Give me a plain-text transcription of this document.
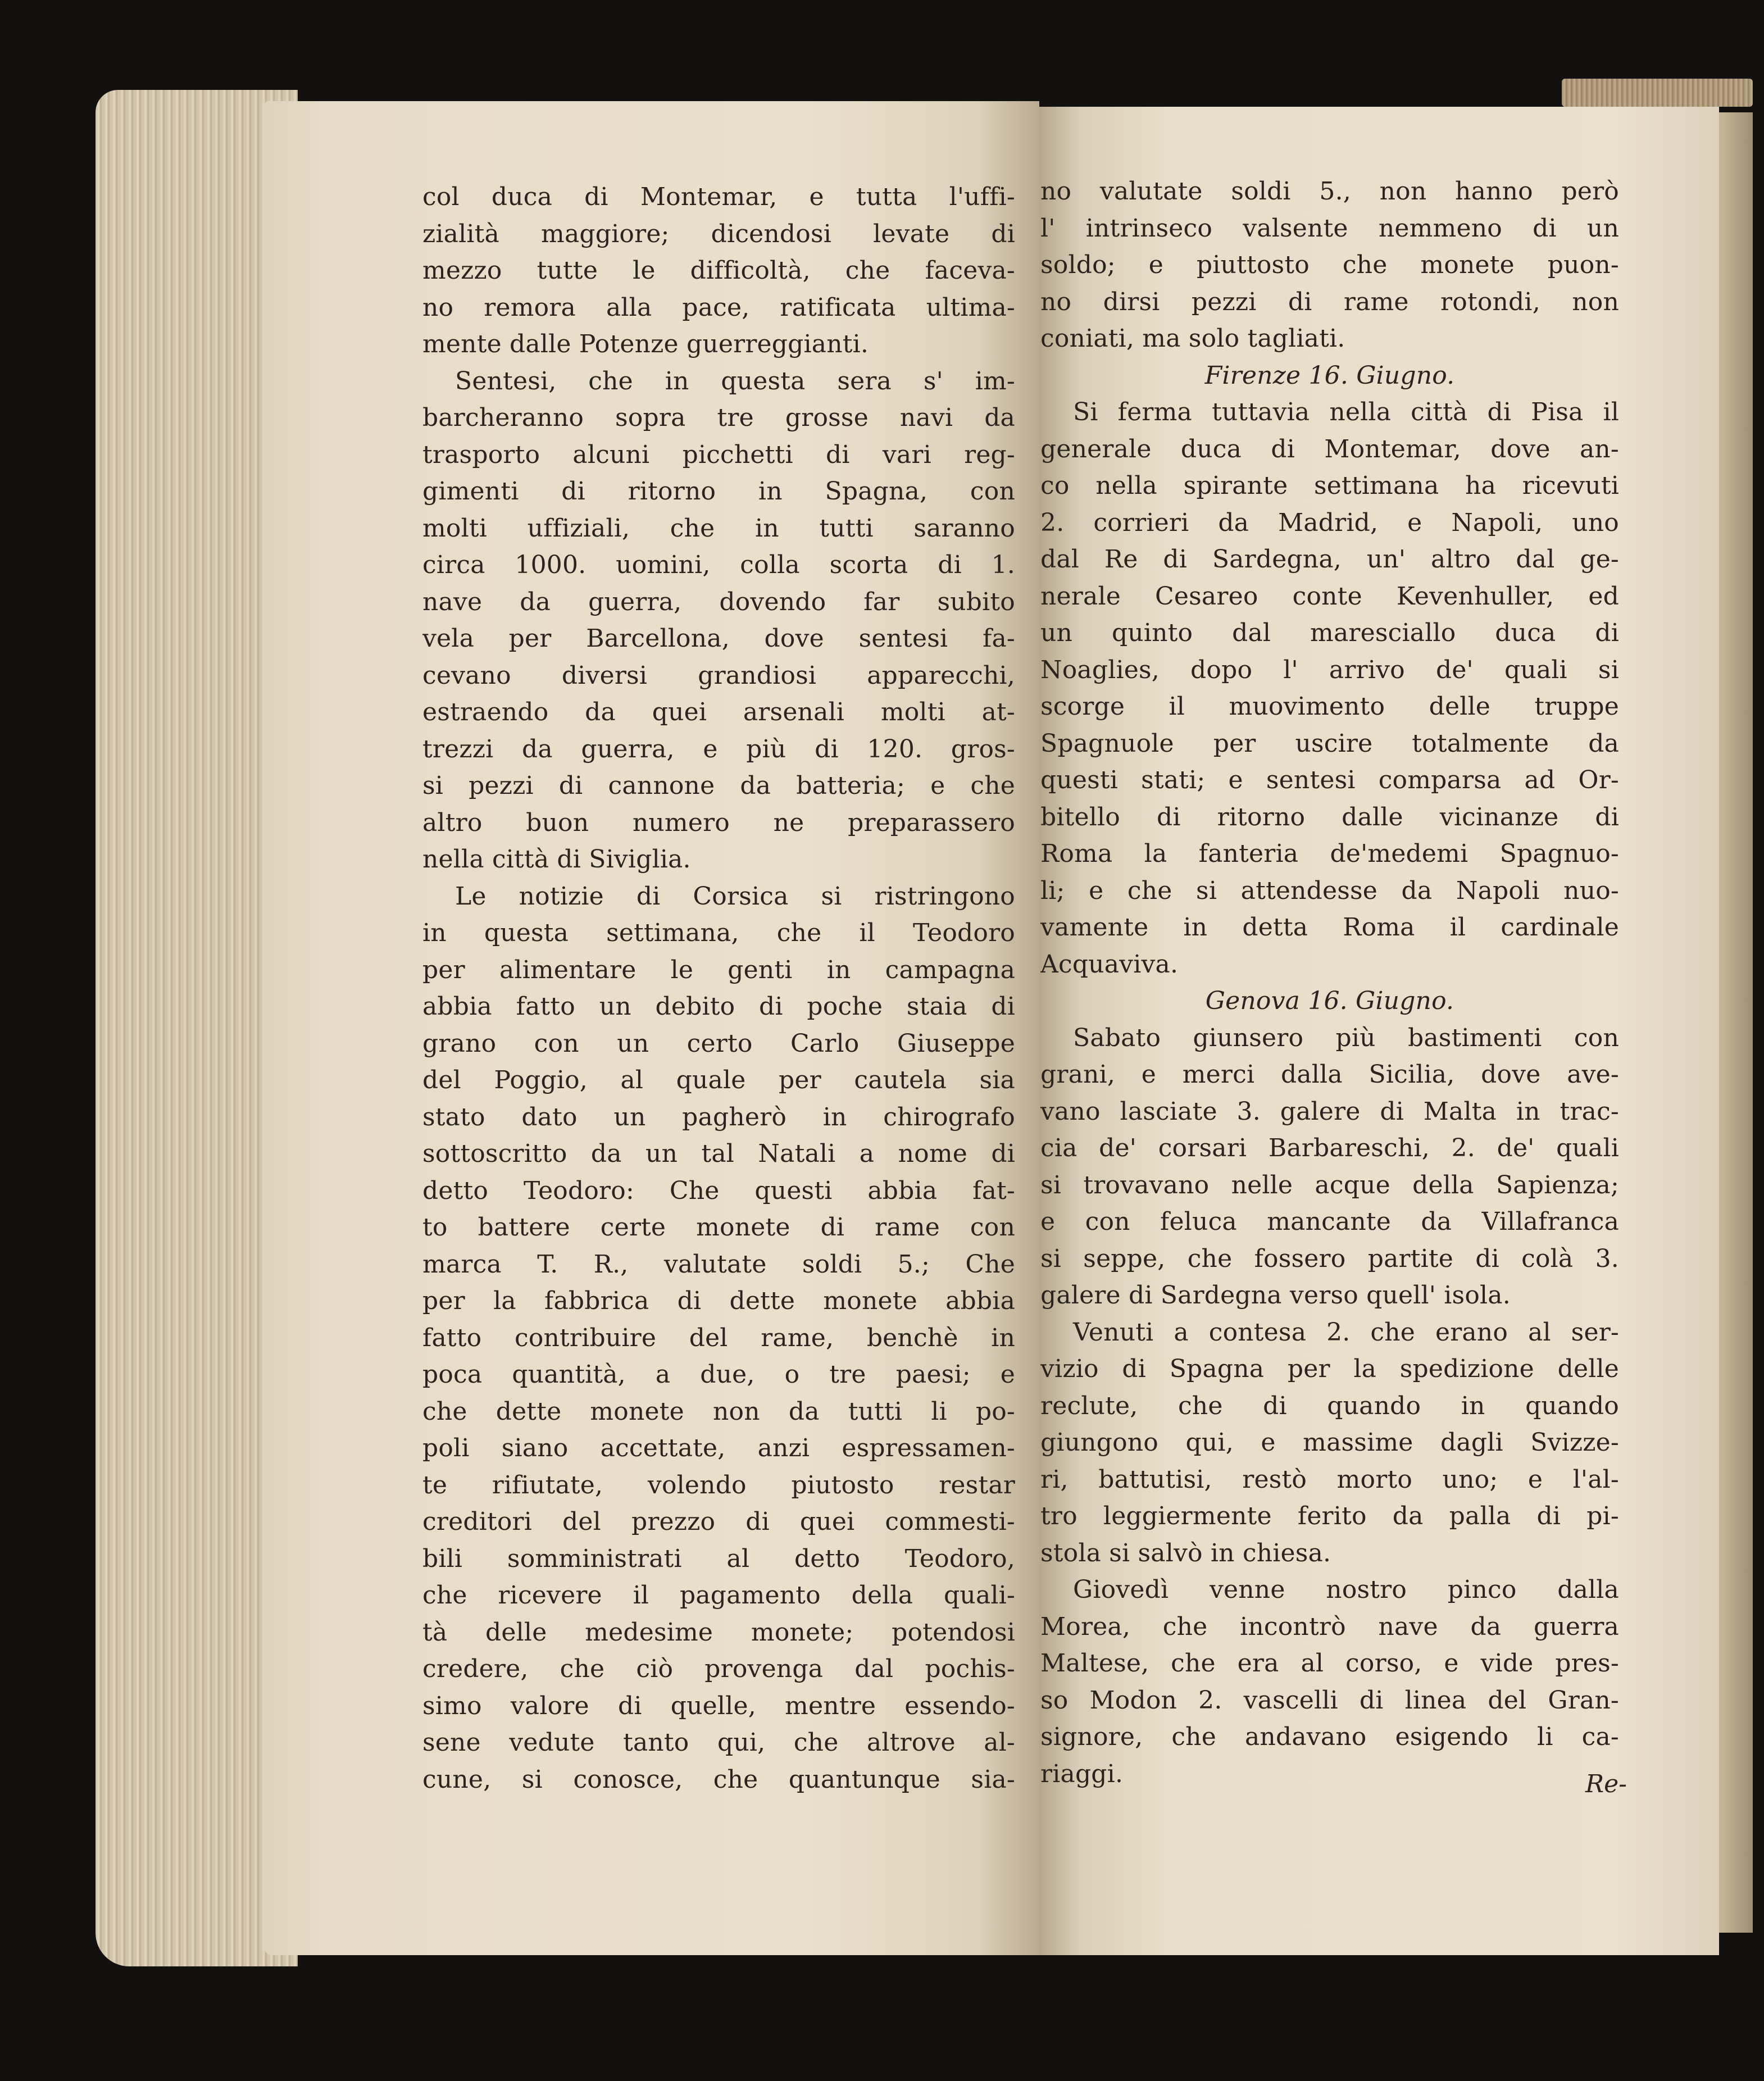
col duca di Montemar, e tutta l'uffi-
zialità maggiore; dicendosi levate di
mezzo tutte le difficoltà, che faceva-
no remora alla pace, ratificata ultima-
mente dalle Potenze guerreggianti.
Sentesi, che in questa sera s' im-
barcheranno sopra tre grosse navi da
trasporto alcuni picchetti di vari reg-
gimenti di ritorno in Spagna, con
molti uffiziali, che in tutti saranno
circa 1000. uomini, colla scorta di 1.
nave da guerra, dovendo far subito
vela per Barcellona, dove sentesi fa-
cevano diversi grandiosi apparecchi,
estraendo da quei arsenali molti at-
trezzi da guerra, e più di 120. gros-
si pezzi di cannone da batteria; e che
altro buon numero ne preparassero
nella città di Siviglia.
Le notizie di Corsica si ristringono
in questa settimana, che il Teodoro
per alimentare le genti in campagna
abbia fatto un debito di poche staia di
grano con un certo Carlo Giuseppe
del Poggio, al quale per cautela sia
stato dato un pagherò in chirografo
sottoscritto da un tal Natali a nome di
detto Teodoro: Che questi abbia fat-
to battere certe monete di rame con
marca T. R., valutate soldi 5.; Che
per la fabbrica di dette monete abbia
fatto contribuire del rame, benchè in
poca quantità, a due, o tre paesi; e
che dette monete non da tutti li po-
poli siano accettate, anzi espressamen-
te rifiutate, volendo piutosto restar
creditori del prezzo di quei commesti-
bili somministrati al detto Teodoro,
che ricevere il pagamento della quali-
tà delle medesime monete; potendosi
credere, che ciò provenga dal pochis-
simo valore di quelle, mentre essendo-
sene vedute tanto qui, che altrove al-
cune, si conosce, che quantunque sia-
no valutate soldi 5., non hanno però
l' intrinseco valsente nemmeno di un
soldo; e piuttosto che monete puon-
no dirsi pezzi di rame rotondi, non
coniati, ma solo tagliati.
Firenze 16. Giugno.
Si ferma tuttavia nella città di Pisa il
generale duca di Montemar, dove an-
co nella spirante settimana ha ricevuti
2. corrieri da Madrid, e Napoli, uno
dal Re di Sardegna, un' altro dal ge-
nerale Cesareo conte Kevenhuller, ed
un quinto dal maresciallo duca di
Noaglies, dopo l' arrivo de' quali si
scorge il muovimento delle truppe
Spagnuole per uscire totalmente da
questi stati; e sentesi comparsa ad Or-
bitello di ritorno dalle vicinanze di
Roma la fanteria de'medemi Spagnuo-
li; e che si attendesse da Napoli nuo-
vamente in detta Roma il cardinale
Acquaviva.
Genova 16. Giugno.
Sabato giunsero più bastimenti con
grani, e merci dalla Sicilia, dove ave-
vano lasciate 3. galere di Malta in trac-
cia de' corsari Barbareschi, 2. de' quali
si trovavano nelle acque della Sapienza;
e con feluca mancante da Villafranca
si seppe, che fossero partite di colà 3.
galere di Sardegna verso quell' isola.
Venuti a contesa 2. che erano al ser-
vizio di Spagna per la spedizione delle
reclute, che di quando in quando
giungono qui, e massime dagli Svizze-
ri, battutisi, restò morto uno; e l'al-
tro leggiermente ferito da palla di pi-
stola si salvò in chiesa.
Giovedì venne nostro pinco dalla
Morea, che incontrò nave da guerra
Maltese, che era al corso, e vide pres-
so Modon 2. vascelli di linea del Gran-
signore, che andavano esigendo li ca-
riaggi.	Re-
